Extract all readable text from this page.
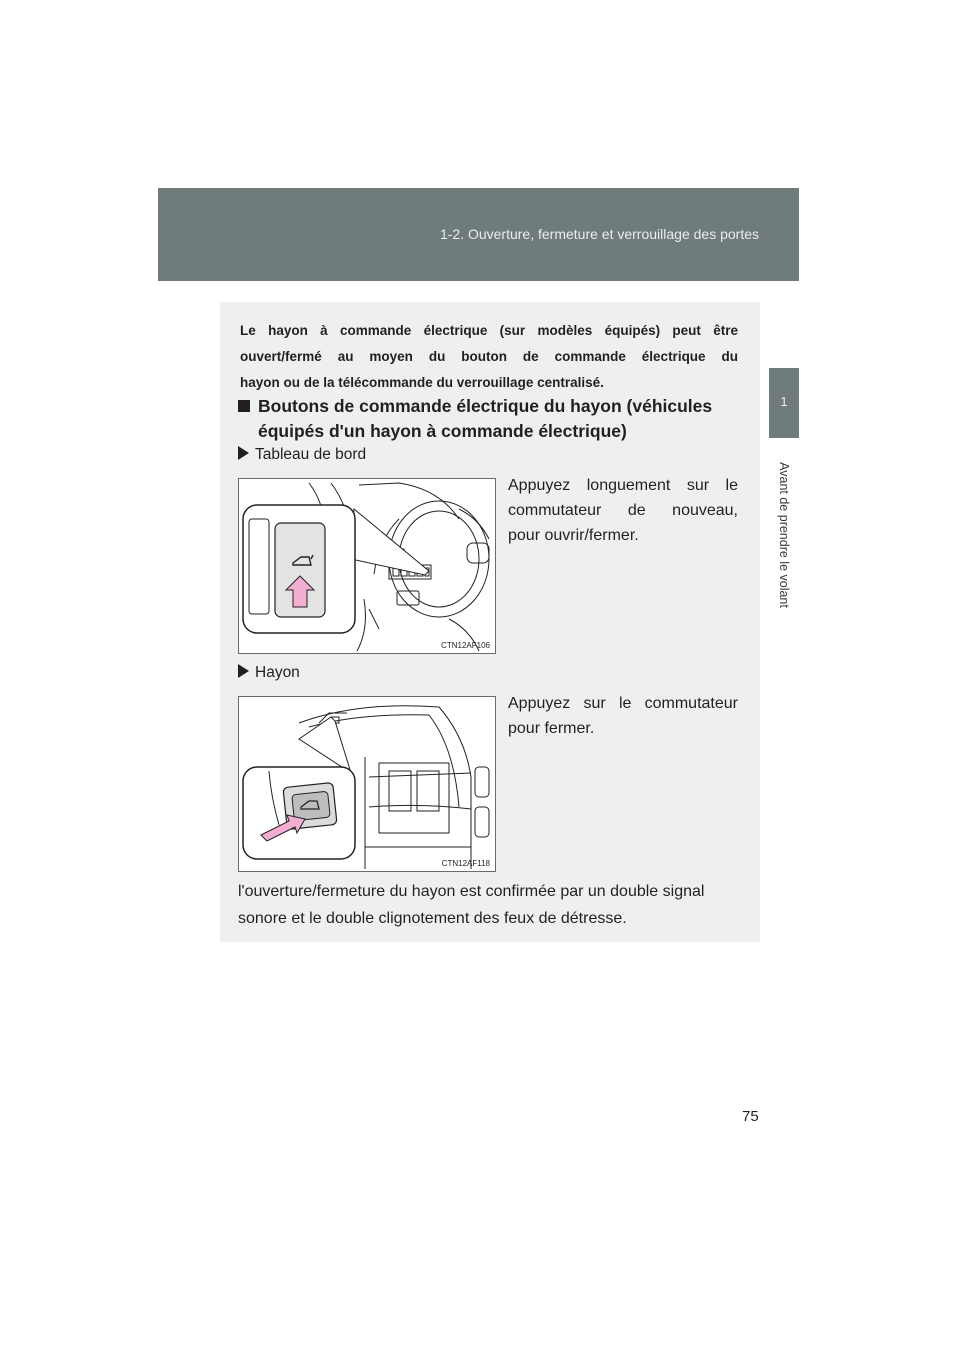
1-2. Ouverture, fermeture et verrouillage des portes
1
Avant de prendre le volant
Le hayon à commande électrique (sur modèles équipés) peut être
ouvert/fermé au moyen du bouton de commande électrique du
hayon ou de la télécommande du verrouillage centralisé.
Boutons de commande électrique du hayon (véhicules
équipés d'un hayon à commande électrique)
Tableau de bord
CTN12AF106
Appuyez longuement sur le
commutateur de nouveau,
pour ouvrir/fermer.
Hayon
CTN12AF118
Appuyez sur le commutateur
pour fermer.
l'ouverture/fermeture du hayon est confirmée par un double signal
sonore et le double clignotement des feux de détresse.
75
